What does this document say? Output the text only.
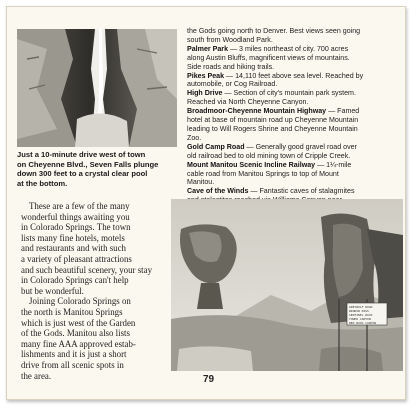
Just a 10-minute drive west of town

on Cheyenne Blvd., Seven Falls plunge

down 300 feet to a crystal clear pool

at the bottom.

the Gods going north to Denver. Best views seen going

south from Woodland Park.

Palmer Park — 3 miles northeast of city. 700 acres

along Austin Bluffs, magnificent views of mountains.

Side roads and hiking trails.

Pikes Peak — 14,110 feet above sea level. Reached by

automobile, or Cog Railroad.

High Drive — Section of city's mountain park system.

Reached via North Cheyenne Canyon.

Broadmoor-Cheyenne Mountain Highway — Famed

hotel at base of mountain road up Cheyenne Mountain

leading to Will Rogers Shrine and Cheyenne Mountain

Zoo.

Gold Camp Road — Generally good gravel road over

old railroad bed to old mining town of Cripple Creek.

Mount Manitou Scenic Incline Railway — 1¼-mile

cable road from Manitou Springs to top of Mount

Manitou.

Cave of the Winds — Fantastic caves of stalagmites

These are a few of the many

wonderful things awaiting you

in Colorado Springs. The town

lists many fine hotels, motels

and restaurants and with such

a variety of pleasant attractions

and such beautiful scenery, your stay

in Colorado Springs can't help

but be wonderful.

Joining Colorado Springs on

the north is Manitou Springs

which is just west of the Garden

of the Gods. Manitou also lists

many fine AAA approved estab-

lishments and it is just a short

drive from all scenic spots in

the area.

GREYWOLF ROAD
WINDOW PASS
SENTINEL ROCK
TOWER CANYON
RED ROCK CANYON
79
